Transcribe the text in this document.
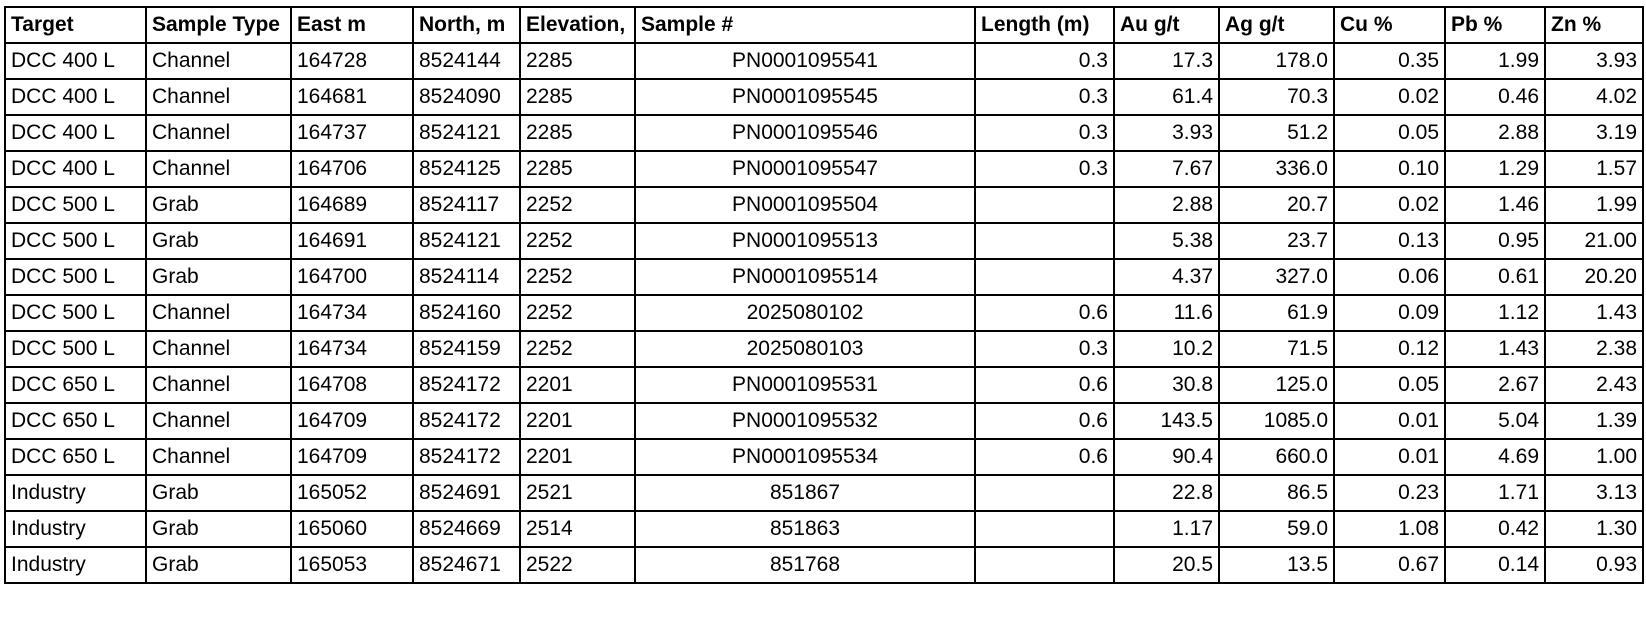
Target	Sample Type	East m	North, m	Elevation,	Sample #	Length (m)	Au g/t	Ag g/t	Cu %	Pb %	Zn %
DCC 400 L	Channel	164728	8524144	2285	PN0001095541	0.3	17.3	178.0	0.35	1.99	3.93
DCC 400 L	Channel	164681	8524090	2285	PN0001095545	0.3	61.4	70.3	0.02	0.46	4.02
DCC 400 L	Channel	164737	8524121	2285	PN0001095546	0.3	3.93	51.2	0.05	2.88	3.19
DCC 400 L	Channel	164706	8524125	2285	PN0001095547	0.3	7.67	336.0	0.10	1.29	1.57
DCC 500 L	Grab	164689	8524117	2252	PN0001095504		2.88	20.7	0.02	1.46	1.99
DCC 500 L	Grab	164691	8524121	2252	PN0001095513		5.38	23.7	0.13	0.95	21.00
DCC 500 L	Grab	164700	8524114	2252	PN0001095514		4.37	327.0	0.06	0.61	20.20
DCC 500 L	Channel	164734	8524160	2252	2025080102	0.6	11.6	61.9	0.09	1.12	1.43
DCC 500 L	Channel	164734	8524159	2252	2025080103	0.3	10.2	71.5	0.12	1.43	2.38
DCC 650 L	Channel	164708	8524172	2201	PN0001095531	0.6	30.8	125.0	0.05	2.67	2.43
DCC 650 L	Channel	164709	8524172	2201	PN0001095532	0.6	143.5	1085.0	0.01	5.04	1.39
DCC 650 L	Channel	164709	8524172	2201	PN0001095534	0.6	90.4	660.0	0.01	4.69	1.00
Industry	Grab	165052	8524691	2521	851867		22.8	86.5	0.23	1.71	3.13
Industry	Grab	165060	8524669	2514	851863		1.17	59.0	1.08	0.42	1.30
Industry	Grab	165053	8524671	2522	851768		20.5	13.5	0.67	0.14	0.93
